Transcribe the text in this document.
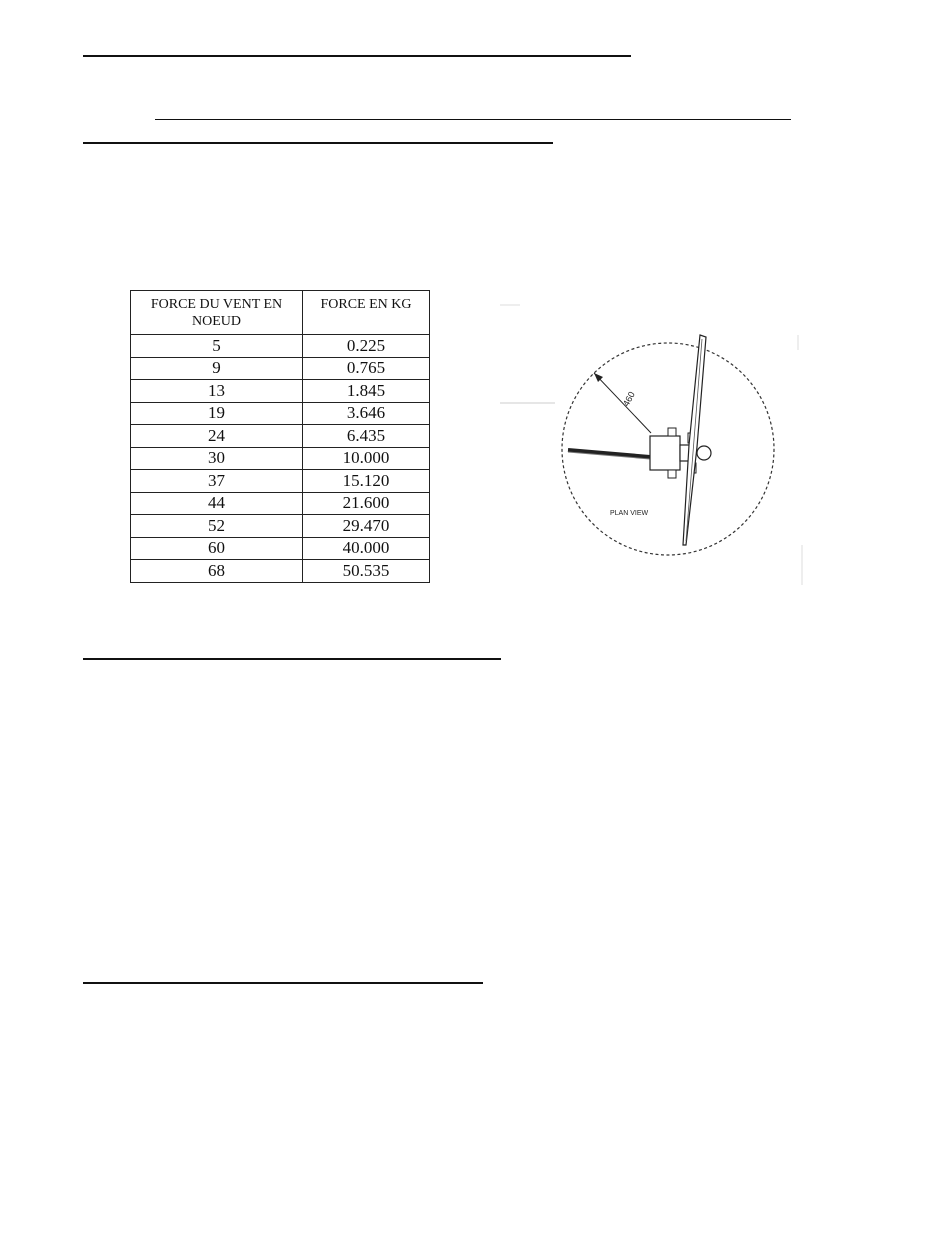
FORCE DU VENT EN NOEUD	FORCE EN KG
5	0.225
9	0.765
13	1.845
19	3.646
24	6.435
30	10.000
37	15.120
44	21.600
52	29.470
60	40.000
68	50.535
460
PLAN VIEW
